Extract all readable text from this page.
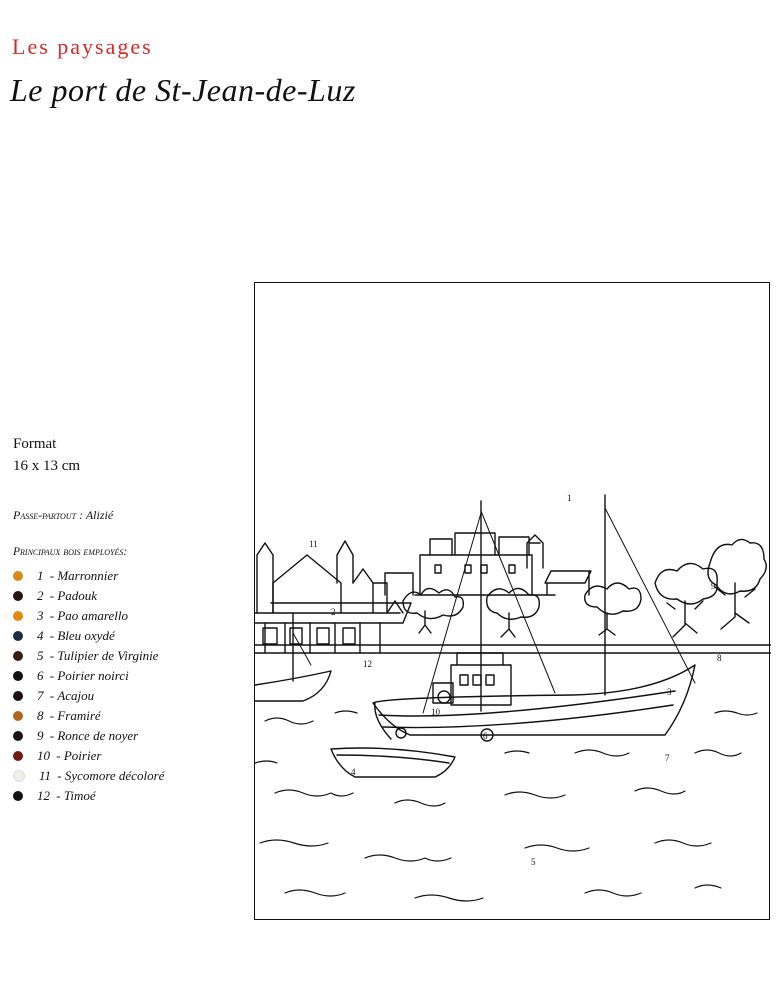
Les paysages
Le port de St-Jean-de-Luz
Format
16 x 13 cm
Passe-partout : Alizié
Principaux bois employés:
1 - Marronnier
2 - Padouk
3 - Pao amarello
4 - Bleu oxydé
5 - Tulipier de Virginie
6 - Poirier noirci
7 - Acajou
8 - Framiré
9 - Ronce de noyer
10 - Poirier
11 - Sycomore décoloré
12 - Timoé
1
2
3
4
5
6
7
8
9
10
11
12
